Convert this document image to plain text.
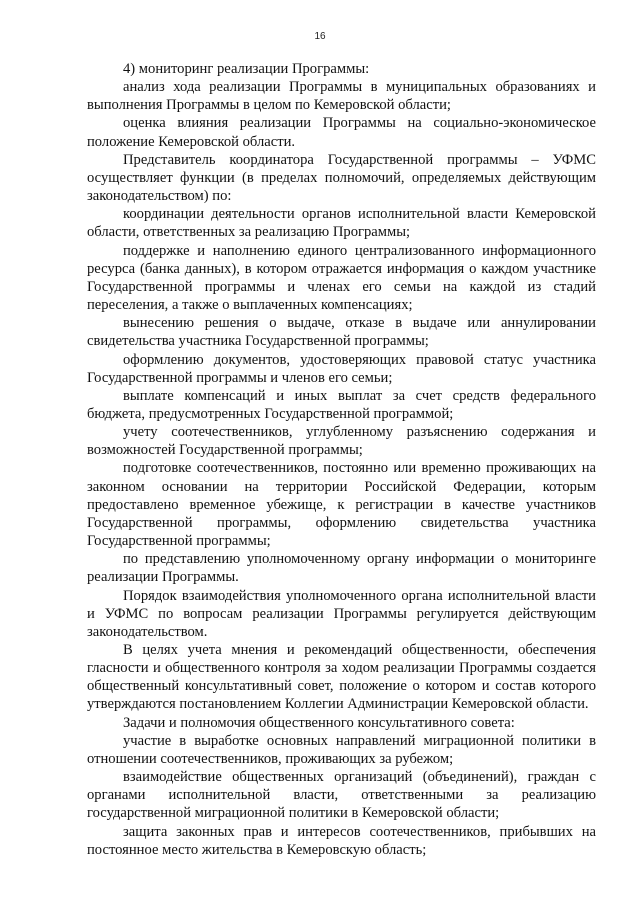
16

4) мониторинг реализации Программы:

анализ хода реализации Программы в муниципальных образованиях и выполнения Программы в целом по Кемеровской области;

оценка влияния реализации Программы на социально-экономическое положение Кемеровской области.

Представитель координатора Государственной программы – УФМС осуществляет функции (в пределах полномочий, определяемых действующим законодательством) по:

координации деятельности органов исполнительной власти Кемеровской области, ответственных за реализацию Программы;

поддержке и наполнению единого централизованного информационного ресурса (банка данных), в котором отражается информация о каждом участнике Государственной программы и членах его семьи на каждой из стадий переселения, а также о выплаченных компенсациях;

вынесению решения о выдаче, отказе в выдаче или аннулировании свидетельства участника Государственной программы;

оформлению документов, удостоверяющих правовой статус участника Государственной программы и членов его семьи;

выплате компенсаций и иных выплат за счет средств федерального бюджета, предусмотренных Государственной программой;

учету соотечественников, углубленному разъяснению содержания и возможностей Государственной программы;

подготовке соотечественников, постоянно или временно проживающих на законном основании на территории Российской Федерации, которым предоставлено временное убежище, к регистрации в качестве участников Государственной программы, оформлению свидетельства участника Государственной программы;

по представлению уполномоченному органу информации о мониторинге реализации Программы.

Порядок взаимодействия уполномоченного органа исполнительной власти и УФМС по вопросам реализации Программы регулируется действующим законодательством.

В целях учета мнения и рекомендаций общественности, обеспечения гласности и общественного контроля за ходом реализации Программы создается общественный консультативный совет, положение о котором и состав которого утверждаются постановлением Коллегии Администрации Кемеровской области.

Задачи и полномочия общественного консультативного совета:

участие в выработке основных направлений миграционной политики в отношении соотечественников, проживающих за рубежом;

взаимодействие общественных организаций (объединений), граждан с органами исполнительной власти, ответственными за реализацию государственной миграционной политики в Кемеровской области;

защита законных прав и интересов соотечественников, прибывших на постоянное место жительства в Кемеровскую область;
